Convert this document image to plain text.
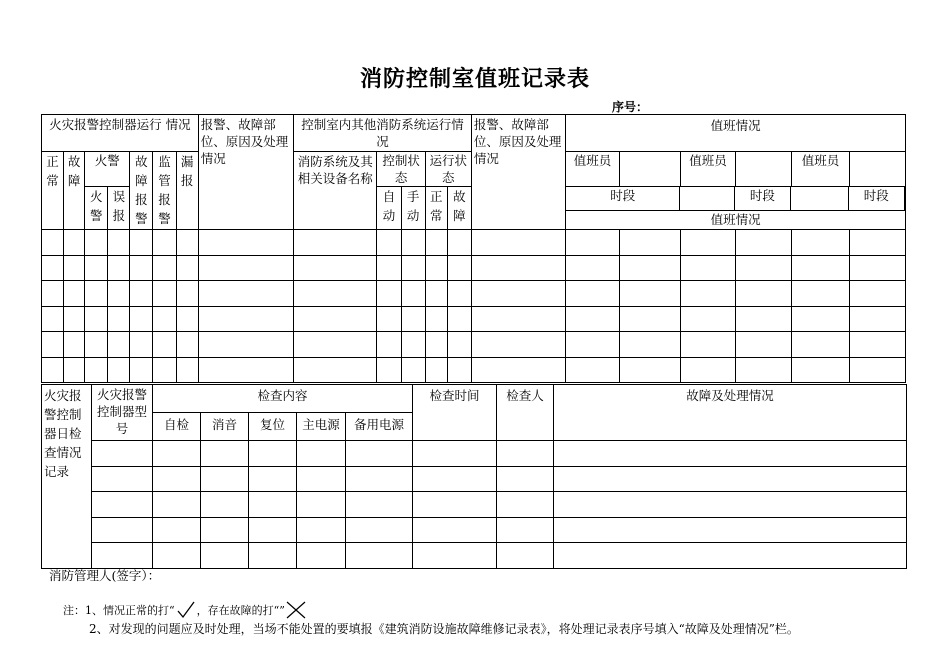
消防控制室值班记录表
序号：
火灾报警控制器运行 情况							报警、故障部位、原因及处理情况	控制室内其他消防系统运行情况					报警、故障部位、原因及处理情况	值班情况					
正常	故障	火警		故障报警	监管报警	漏报		消防系统及其相关设备名称	控制状态		运行状态			值班员		值班员		值班员	
		火警	误报						自动	手动	正常	故障		时段 时段 时段
值班情况					

火灾报警控制器日检查情况记录	火灾报警控制器型号	检查内容					检查时间	检查人	故障及处理情况
		自检	消音	复位	主电源	备用电源			

消防管理人(签字）：
注：1、情况正常的打“ ，存在故障的打“”
2、对发现的问题应及时处理，当场不能处置的要填报《建筑消防设施故障维修记录表》，将处理记录表序号填入“故障及处理情况”栏。
